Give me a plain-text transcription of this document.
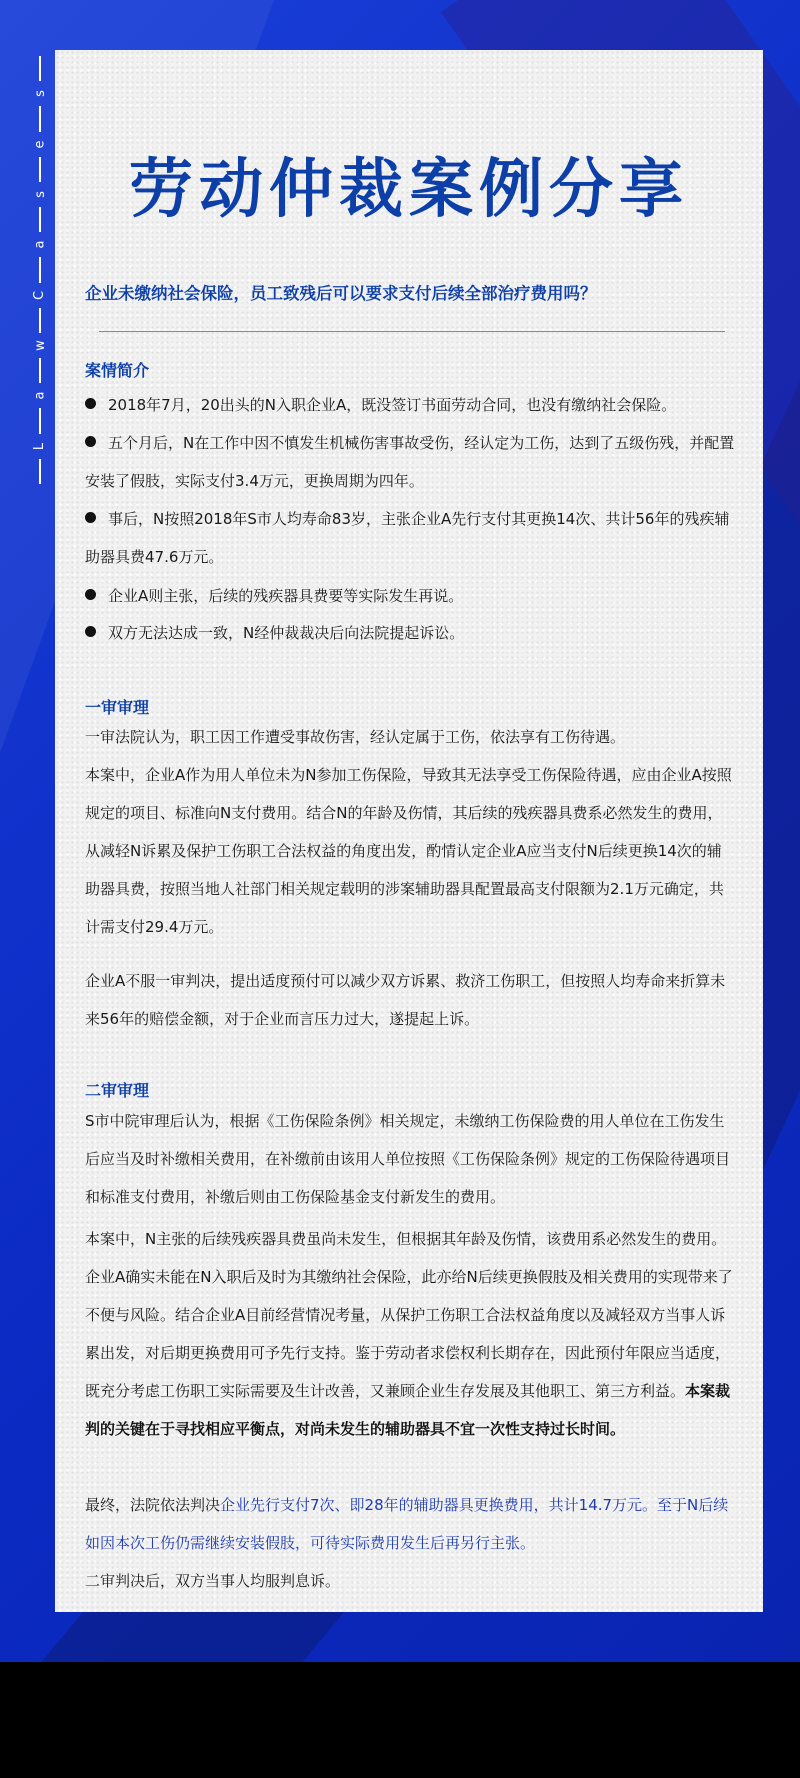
s
e
s
a
C
w
a
L
劳动仲裁案例分享
企业未缴纳社会保险，员工致残后可以要求支付后续全部治疗费用吗？
案情简介
2018年7月，20出头的N入职企业A，既没签订书面劳动合同，也没有缴纳社会保险。
五个月后，N在工作中因不慎发生机械伤害事故受伤，经认定为工伤，达到了五级伤残，并配置安装了假肢，实际支付3.4万元，更换周期为四年。
事后，N按照2018年S市人均寿命83岁，主张企业A先行支付其更换14次、共计56年的残疾辅助器具费47.6万元。
企业A则主张，后续的残疾器具费要等实际发生再说。
双方无法达成一致，N经仲裁裁决后向法院提起诉讼。
一审审理
一审法院认为，职工因工作遭受事故伤害，经认定属于工伤，依法享有工伤待遇。
本案中，企业A作为用人单位未为N参加工伤保险，导致其无法享受工伤保险待遇，应由企业A按照规定的项目、标准向N支付费用。结合N的年龄及伤情，其后续的残疾器具费系必然发生的费用，从减轻N诉累及保护工伤职工合法权益的角度出发，酌情认定企业A应当支付N后续更换14次的辅助器具费，按照当地人社部门相关规定载明的涉案辅助器具配置最高支付限额为2.1万元确定，共计需支付29.4万元。
企业A不服一审判决，提出适度预付可以减少双方诉累、救济工伤职工，但按照人均寿命来折算未来56年的赔偿金额，对于企业而言压力过大，遂提起上诉。
二审审理
S市中院审理后认为，根据《工伤保险条例》相关规定，未缴纳工伤保险费的用人单位在工伤发生后应当及时补缴相关费用，在补缴前由该用人单位按照《工伤保险条例》规定的工伤保险待遇项目和标准支付费用，补缴后则由工伤保险基金支付新发生的费用。
本案中，N主张的后续残疾器具费虽尚未发生，但根据其年龄及伤情，该费用系必然发生的费用。企业A确实未能在N入职后及时为其缴纳社会保险，此亦给N后续更换假肢及相关费用的实现带来了不便与风险。结合企业A目前经营情况考量，从保护工伤职工合法权益角度以及减轻双方当事人诉累出发，对后期更换费用可予先行支持。鉴于劳动者求偿权利长期存在，因此预付年限应当适度，既充分考虑工伤职工实际需要及生计改善，又兼顾企业生存发展及其他职工、第三方利益。本案裁判的关键在于寻找相应平衡点，对尚未发生的辅助器具不宜一次性支持过长时间。
最终，法院依法判决企业先行支付7次、即28年的辅助器具更换费用，共计14.7万元。至于N后续如因本次工伤仍需继续安装假肢，可待实际费用发生后再另行主张。
二审判决后，双方当事人均服判息诉。
